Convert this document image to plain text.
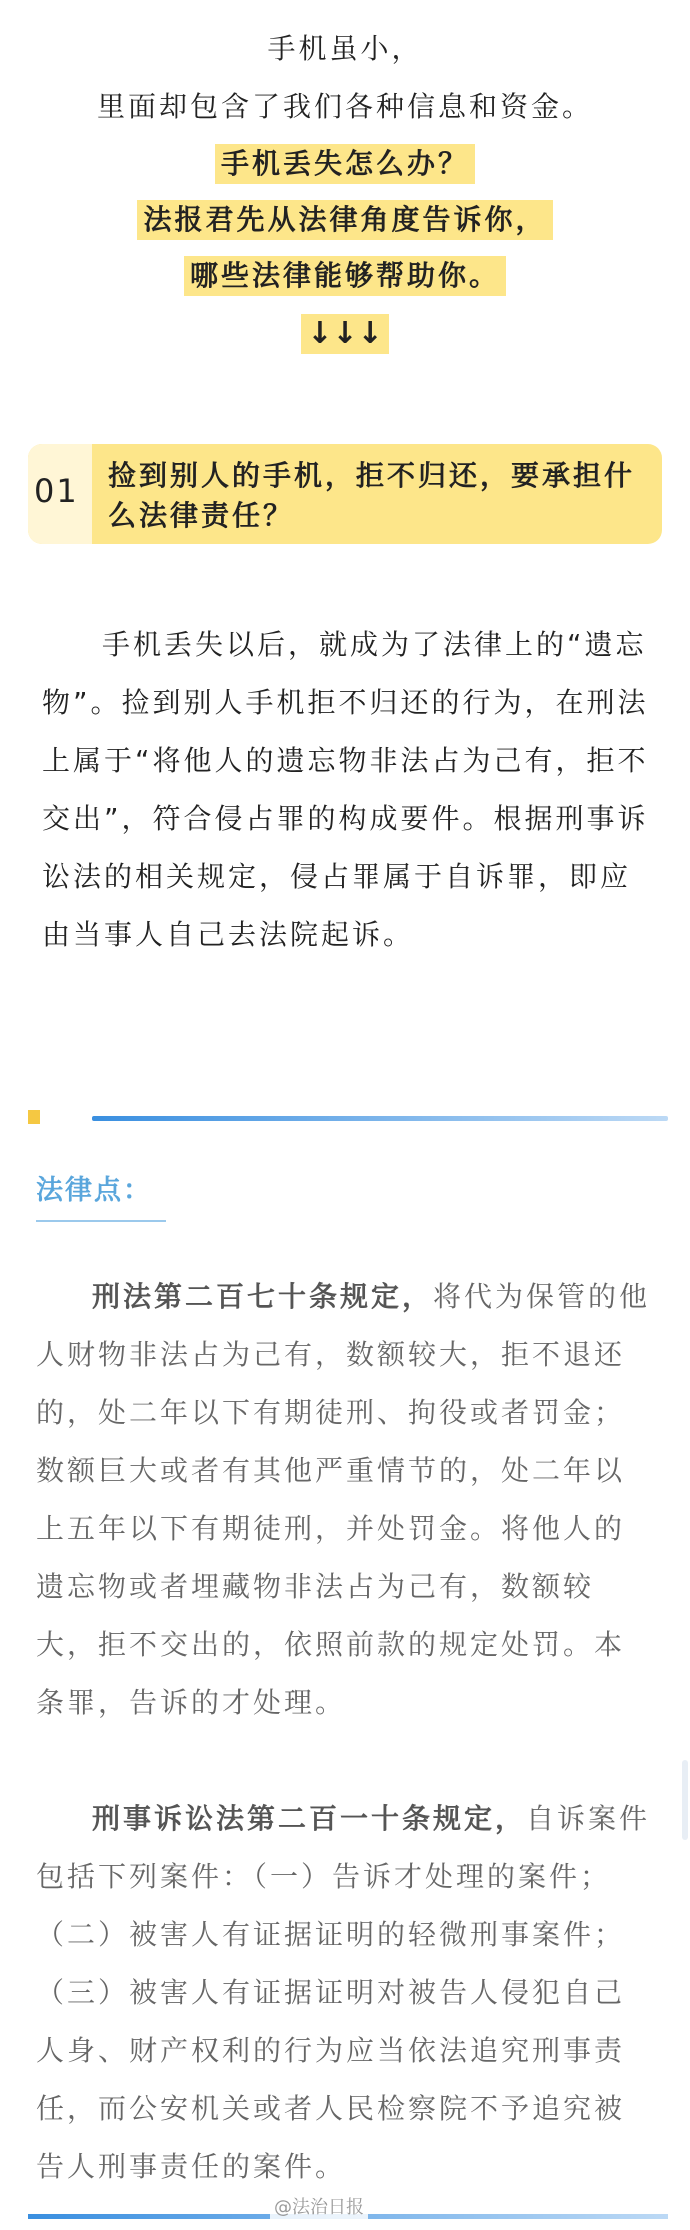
手机虽小，
里面却包含了我们各种信息和资金。
手机丢失怎么办？
法报君先从法律角度告诉你，
哪些法律能够帮助你。
↓↓↓
01 捡到别人的手机，拒不归还，要承担什么法律责任？
手机丢失以后，就成为了法律上的“遗忘物”。捡到别人手机拒不归还的行为，在刑法上属于“将他人的遗忘物非法占为己有，拒不交出”，符合侵占罪的构成要件。根据刑事诉讼法的相关规定，侵占罪属于自诉罪，即应由当事人自己去法院起诉。
法律点：
刑法第二百七十条规定，将代为保管的他人财物非法占为己有，数额较大，拒不退还的，处二年以下有期徒刑、拘役或者罚金；数额巨大或者有其他严重情节的，处二年以上五年以下有期徒刑，并处罚金。将他人的遗忘物或者埋藏物非法占为己有，数额较大，拒不交出的，依照前款的规定处罚。本条罪，告诉的才处理。
刑事诉讼法第二百一十条规定，自诉案件包括下列案件：（一）告诉才处理的案件；（二）被害人有证据证明的轻微刑事案件；（三）被害人有证据证明对被告人侵犯自己人身、财产权利的行为应当依法追究刑事责任，而公安机关或者人民检察院不予追究被告人刑事责任的案件。
@法治日报
